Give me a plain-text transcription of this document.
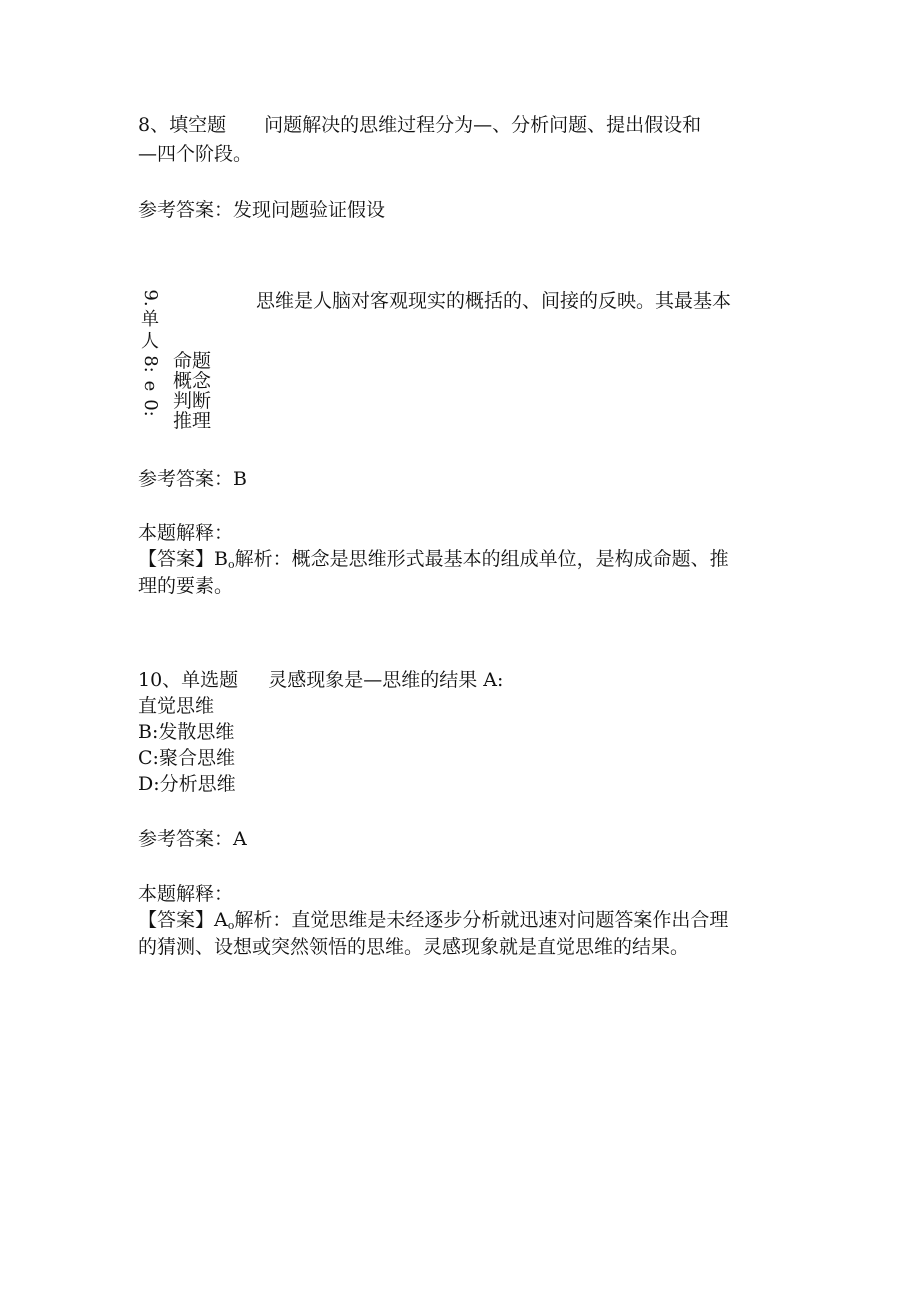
8、填空题 问题解决的思维过程分为—、分析问题、提出假设和
—四个阶段。
参考答案：发现问题验证假设
9.
单
人
8:
e
0:
思维是人脑对客观现实的概括的、间接的反映。其最基本
命题
概念
判断
推理
参考答案：B
本题解释：
【答案】$B_o$解析：概念是思维形式最基本的组成单位，是构成命题、推
理的要素。
10、单选题 灵感现象是—思维的结果 A:
直觉思维
B:发散思维
C:聚合思维
D:分析思维
参考答案：A
本题解释：
【答案】$A_o$解析：直觉思维是未经逐步分析就迅速对问题答案作出合理
的猜测、设想或突然领悟的思维。灵感现象就是直觉思维的结果。
